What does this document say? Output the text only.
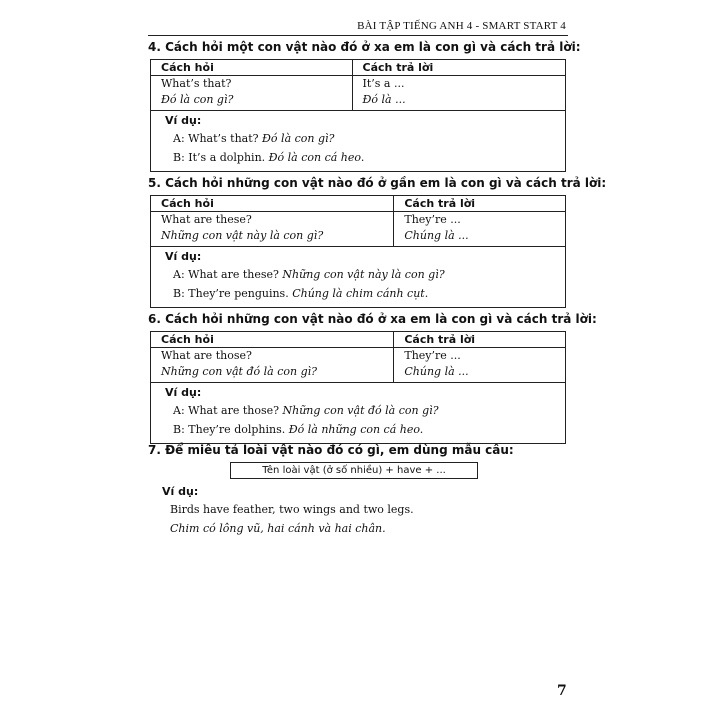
BÀI TẬP TIẾNG ANH 4 - SMART START 4
4. Cách hỏi một con vật nào đó ở xa em là con gì và cách trả lời:
Cách hỏi	Cách trả lời
What’s that?	It’s a ...
Đó là con gì?	Đó là ...

Ví dụ:
A: What’s that? Đó là con gì?
B: It’s a dolphin. Đó là con cá heo.	
5. Cách hỏi những con vật nào đó ở gần em là con gì và cách trả lời:
Cách hỏi	Cách trả lời
What are these?	They’re ...
Những con vật này là con gì?	Chúng là ...

Ví dụ:
A: What are these? Những con vật này là con gì?
B: They’re penguins. Chúng là chim cánh cụt.	
6. Cách hỏi những con vật nào đó ở xa em là con gì và cách trả lời:
Cách hỏi	Cách trả lời
What are those?	They’re ...
Những con vật đó là con gì?	Chúng là ...

Ví dụ:
A: What are those? Những con vật đó là con gì?
B: They’re dolphins. Đó là những con cá heo.	
7. Để miêu tả loài vật nào đó có gì, em dùng mẫu câu:
Tên loài vật (ở số nhiều) + have + ...
Ví dụ:
Birds have feather, two wings and two legs.
Chim có lông vũ, hai cánh và hai chân.
7
